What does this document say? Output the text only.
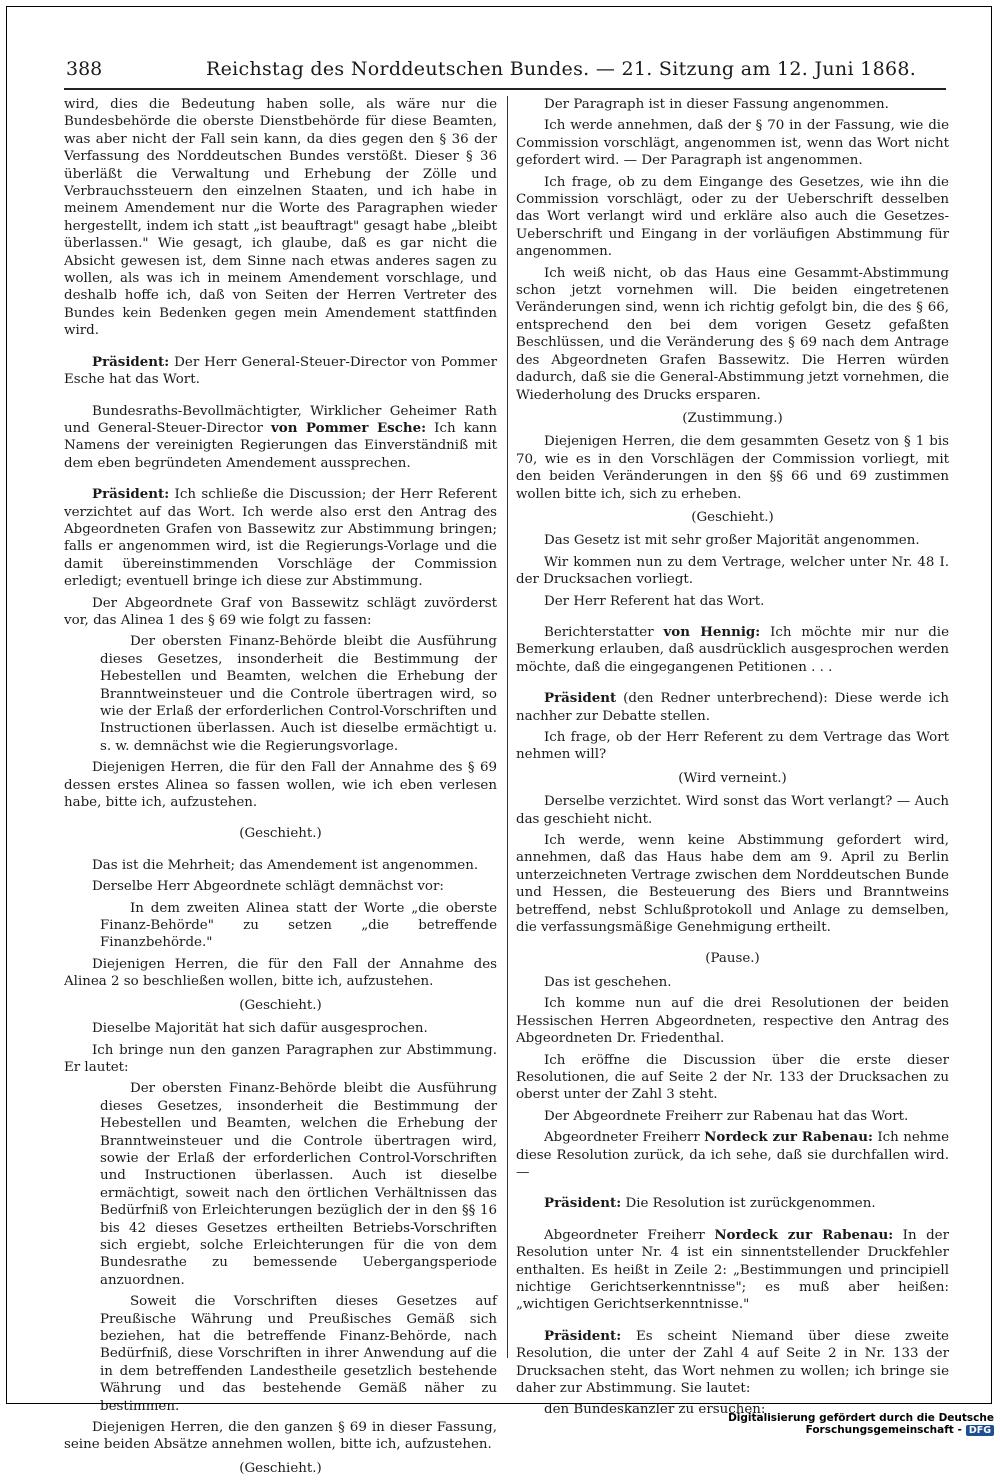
388	Reichstag des Norddeutschen Bundes. — 21. Sitzung am 12. Juni 1868.

wird, dies die Bedeutung haben solle, als wäre nur die Bundesbehörde die oberste Dienstbehörde für diese Beamten, was aber nicht der Fall sein kann, da dies gegen den § 36 der Verfassung des Norddeutschen Bundes verstößt. Dieser § 36 überläßt die Verwaltung und Erhebung der Zölle und Verbrauchssteuern den einzelnen Staaten, und ich habe in meinem Amendement nur die Worte des Paragraphen wieder hergestellt, indem ich statt „ist beauftragt" gesagt habe „bleibt überlassen." Wie gesagt, ich glaube, daß es gar nicht die Absicht gewesen ist, dem Sinne nach etwas anderes sagen zu wollen, als was ich in meinem Amendement vorschlage, und deshalb hoffe ich, daß von Seiten der Herren Vertreter des Bundes kein Bedenken gegen mein Amendement stattfinden wird.

Präsident: Der Herr General-Steuer-Director von Pommer Esche hat das Wort.

Bundesraths-Bevollmächtigter, Wirklicher Geheimer Rath und General-Steuer-Director von Pommer Esche: Ich kann Namens der vereinigten Regierungen das Einverständniß mit dem eben begründeten Amendement aussprechen.

Präsident: Ich schließe die Discussion; der Herr Referent verzichtet auf das Wort. Ich werde also erst den Antrag des Abgeordneten Grafen von Bassewitz zur Abstimmung bringen; falls er angenommen wird, ist die Regierungs-Vorlage und die damit übereinstimmenden Vorschläge der Commission erledigt; eventuell bringe ich diese zur Abstimmung.

Der Abgeordnete Graf von Bassewitz schlägt zuvörderst vor, das Alinea 1 des § 69 wie folgt zu fassen:

Der obersten Finanz-Behörde bleibt die Ausführung dieses Gesetzes, insonderheit die Bestimmung der Hebestellen und Beamten, welchen die Erhebung der Branntweinsteuer und die Controle übertragen wird, so wie der Erlaß der erforderlichen Control-Vorschriften und Instructionen überlassen. Auch ist dieselbe ermächtigt u. s. w. demnächst wie die Regierungsvorlage.

Diejenigen Herren, die für den Fall der Annahme des § 69 dessen erstes Alinea so fassen wollen, wie ich eben verlesen habe, bitte ich, aufzustehen.

(Geschieht.)

Das ist die Mehrheit; das Amendement ist angenommen.

Derselbe Herr Abgeordnete schlägt demnächst vor:

In dem zweiten Alinea statt der Worte „die oberste Finanz-Behörde" zu setzen „die betreffende Finanzbehörde."

Diejenigen Herren, die für den Fall der Annahme des Alinea 2 so beschließen wollen, bitte ich, aufzustehen.

(Geschieht.)

Dieselbe Majorität hat sich dafür ausgesprochen.

Ich bringe nun den ganzen Paragraphen zur Abstimmung. Er lautet:

Der obersten Finanz-Behörde bleibt die Ausführung dieses Gesetzes, insonderheit die Bestimmung der Hebestellen und Beamten, welchen die Erhebung der Branntweinsteuer und die Controle übertragen wird, sowie der Erlaß der erforderlichen Control-Vorschriften und Instructionen überlassen. Auch ist dieselbe ermächtigt, soweit nach den örtlichen Verhältnissen das Bedürfniß von Erleichterungen bezüglich der in den §§ 16 bis 42 dieses Gesetzes ertheilten Betriebs-Vorschriften sich ergiebt, solche Erleichterungen für die von dem Bundesrathe zu bemessende Uebergangsperiode anzuordnen.

Soweit die Vorschriften dieses Gesetzes auf Preußische Währung und Preußisches Gemäß sich beziehen, hat die betreffende Finanz-Behörde, nach Bedürfniß, diese Vorschriften in ihrer Anwendung auf die in dem betreffenden Landestheile gesetzlich bestehende Währung und das bestehende Gemäß näher zu bestimmen.

Diejenigen Herren, die den ganzen § 69 in dieser Fassung, seine beiden Absätze annehmen wollen, bitte ich, aufzustehen.

(Geschieht.)

Der Paragraph ist in dieser Fassung angenommen.

Ich werde annehmen, daß der § 70 in der Fassung, wie die Commission vorschlägt, angenommen ist, wenn das Wort nicht gefordert wird. — Der Paragraph ist angenommen.

Ich frage, ob zu dem Eingange des Gesetzes, wie ihn die Commission vorschlägt, oder zu der Ueberschrift desselben das Wort verlangt wird und erkläre also auch die Gesetzes-Ueberschrift und Eingang in der vorläufigen Abstimmung für angenommen.

Ich weiß nicht, ob das Haus eine Gesammt-Abstimmung schon jetzt vornehmen will. Die beiden eingetretenen Veränderungen sind, wenn ich richtig gefolgt bin, die des § 66, entsprechend den bei dem vorigen Gesetz gefaßten Beschlüssen, und die Veränderung des § 69 nach dem Antrage des Abgeordneten Grafen Bassewitz. Die Herren würden dadurch, daß sie die General-Abstimmung jetzt vornehmen, die Wiederholung des Drucks ersparen.

(Zustimmung.)

Diejenigen Herren, die dem gesammten Gesetz von § 1 bis 70, wie es in den Vorschlägen der Commission vorliegt, mit den beiden Veränderungen in den §§ 66 und 69 zustimmen wollen bitte ich, sich zu erheben.

(Geschieht.)

Das Gesetz ist mit sehr großer Majorität angenommen.

Wir kommen nun zu dem Vertrage, welcher unter Nr. 48 I. der Drucksachen vorliegt.

Der Herr Referent hat das Wort.

Berichterstatter von Hennig: Ich möchte mir nur die Bemerkung erlauben, daß ausdrücklich ausgesprochen werden möchte, daß die eingegangenen Petitionen . . .

Präsident (den Redner unterbrechend): Diese werde ich nachher zur Debatte stellen.

Ich frage, ob der Herr Referent zu dem Vertrage das Wort nehmen will?

(Wird verneint.)

Derselbe verzichtet. Wird sonst das Wort verlangt? — Auch das geschieht nicht.

Ich werde, wenn keine Abstimmung gefordert wird, annehmen, daß das Haus habe dem am 9. April zu Berlin unterzeichneten Vertrage zwischen dem Norddeutschen Bunde und Hessen, die Besteuerung des Biers und Branntweins betreffend, nebst Schlußprotokoll und Anlage zu demselben, die verfassungsmäßige Genehmigung ertheilt.

(Pause.)

Das ist geschehen.

Ich komme nun auf die drei Resolutionen der beiden Hessischen Herren Abgeordneten, respective den Antrag des Abgeordneten Dr. Friedenthal.

Ich eröffne die Discussion über die erste dieser Resolutionen, die auf Seite 2 der Nr. 133 der Drucksachen zu oberst unter der Zahl 3 steht.

Der Abgeordnete Freiherr zur Rabenau hat das Wort.

Abgeordneter Freiherr Nordeck zur Rabenau: Ich nehme diese Resolution zurück, da ich sehe, daß sie durchfallen wird. —

Präsident: Die Resolution ist zurückgenommen.

Abgeordneter Freiherr Nordeck zur Rabenau: In der Resolution unter Nr. 4 ist ein sinnentstellender Druckfehler enthalten. Es heißt in Zeile 2: „Bestimmungen und principiell nichtige Gerichtserkenntnisse"; es muß aber heißen: „wichtigen Gerichtserkenntnisse."

Präsident: Es scheint Niemand über diese zweite Resolution, die unter der Zahl 4 auf Seite 2 in Nr. 133 der Drucksachen steht, das Wort nehmen zu wollen; ich bringe sie daher zur Abstimmung. Sie lautet:

den Bundeskanzler zu ersuchen:

Digitalisierung gefördert durch die Deutsche Forschungsgemeinschaft - DFG
